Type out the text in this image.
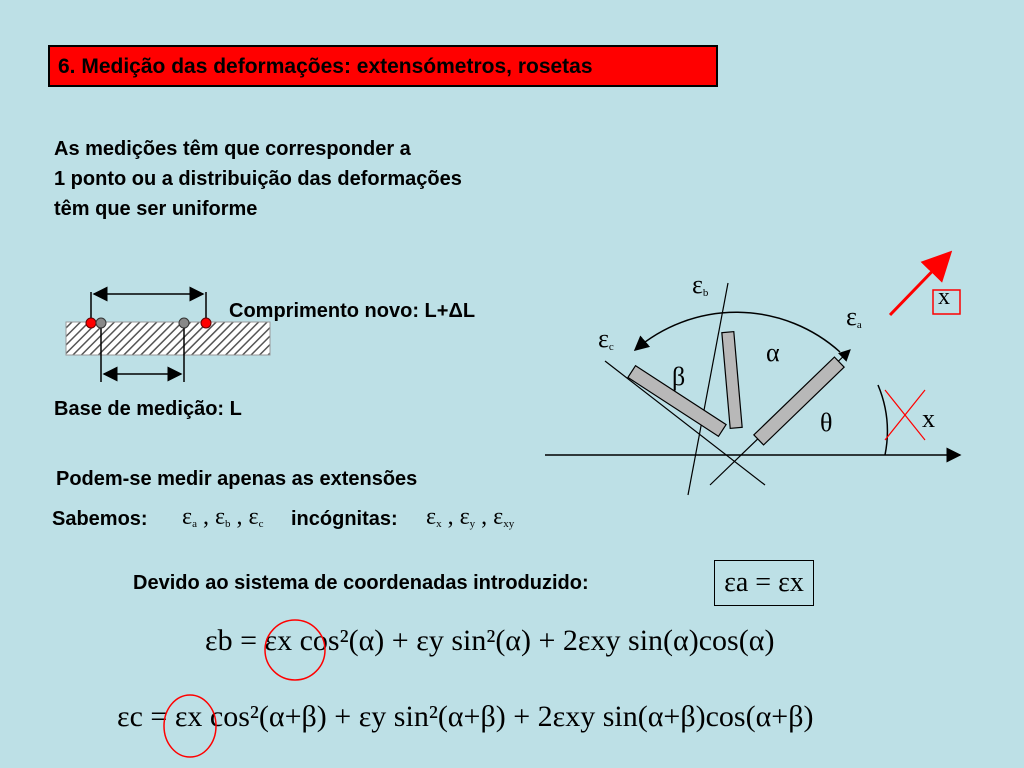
6. Medição das deformações: extensómetros, rosetas
As medições têm que corresponder a
1 ponto ou a distribuição das deformações
têm que ser uniforme
Comprimento novo: L+ΔL
Base de medição: L
x
x
$\varepsilon_b$
$\varepsilon_a$
$\varepsilon_c$	α
β
θ
Podem-se medir apenas as extensões
Sabemos: $\varepsilon_a$ , $\varepsilon_b$ , $\varepsilon_c$ incógnitas: $\varepsilon_x$ , $\varepsilon_y$ , $\varepsilon_{xy}$
Devido ao sistema de coordenadas introduzido:	εa = εx
εb = εx cos²(α) + εy sin²(α) + 2εxy sin(α)cos(α)
εc = εx cos²(α+β) + εy sin²(α+β) + 2εxy sin(α+β)cos(α+β)
